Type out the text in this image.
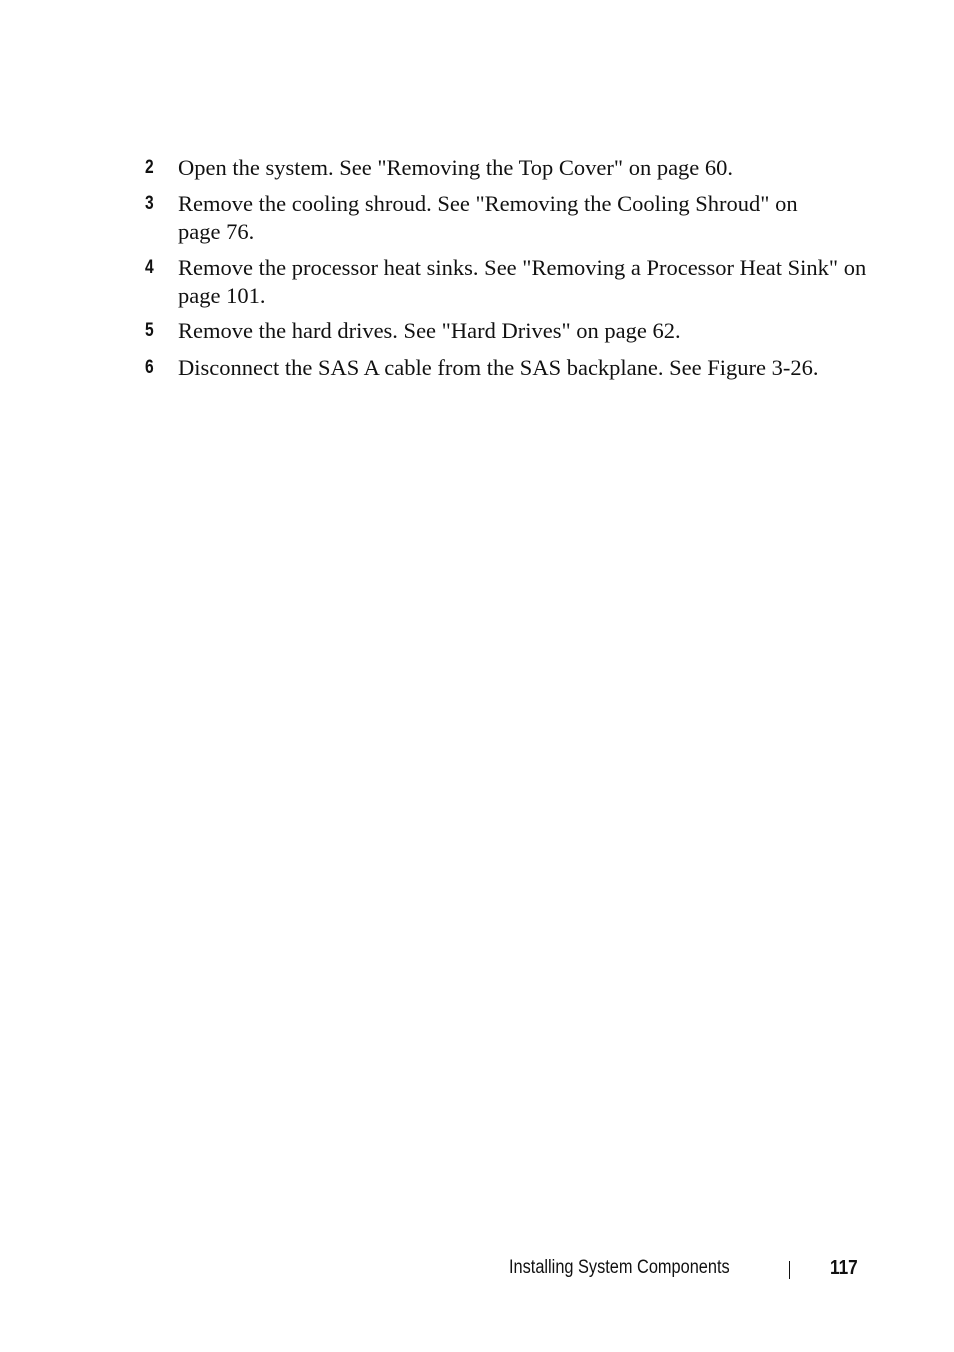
2 Open the system. See "Removing the Top Cover" on page 60.

3 Remove the cooling shroud. See "Removing the Cooling Shroud" on
page 76.

4 Remove the processor heat sinks. See "Removing a Processor Heat Sink" on
page 101.

5 Remove the hard drives. See "Hard Drives" on page 62.

6 Disconnect the SAS A cable from the SAS backplane. See Figure 3-26.

Installing System Components	117
